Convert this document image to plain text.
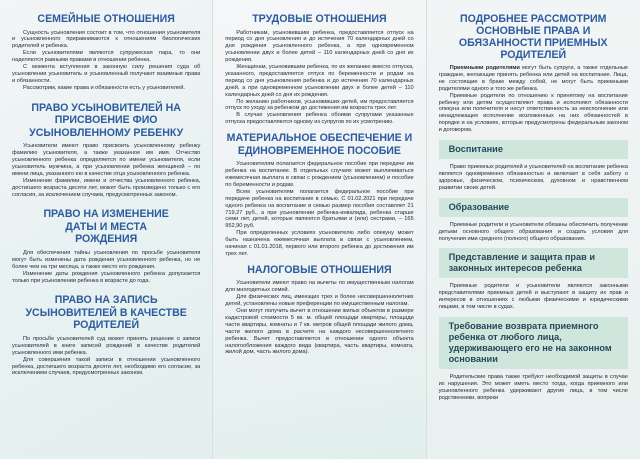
СЕМЕЙНЫЕ ОТНОШЕНИЯ

Сущность усыновления состоит в том, что отношения усыновителя и усыновленного приравниваются к отношениям биологических родителей и ребенка.

Если усыновителями являются супружеская пара, то они наделяются равными правами в отношении ребенка.

С момента вступления в законную силу решения суда об усыновлении усыновитель и усыновленный получают взаимные права и обязанности.

Рассмотрим, какие права и обязанности есть у усыновителей.

ПРАВО УСЫНОВИТЕЛЕЙ НА ПРИСВОЕНИЕ ФИО УСЫНОВЛЕННОМУ РЕБЕНКУ

Усыновители имеют право присвоить усыновленному ребенку фамилию усыновителя, а также указанное им имя. Отчество усыновленного ребенка определяется по имени усыновителя, если усыновитель мужчина, а при усыновлении ребенка женщиной – по имени лица, указанного ею в качестве отца усыновленного ребенка.

Изменение фамилии, имени и отчества усыновленного ребенка, достигшего возраста десяти лет, может быть произведено только с его согласия, за исключением случаев, предусмотренных законом.

ПРАВО НА ИЗМЕНЕНИЕ ДАТЫ И МЕСТА РОЖДЕНИЯ

Для обеспечения тайны усыновления по просьбе усыновителя могут быть изменены дата рождения усыновленного ребенка, но не более чем на три месяца, а также место его рождения.

Изменение даты рождения усыновленного ребенка допускается только при усыновлении ребенка в возрасте до года.

ПРАВО НА ЗАПИСЬ УСЫНОВИТЕЛЕЙ В КАЧЕСТВЕ РОДИТЕЛЕЙ

По просьбе усыновителей суд может принять решение о записи усыновителей в книге записей рождений в качестве родителей усыновленного ими ребенка.

Для совершения такой записи в отношении усыновленного ребенка, достигшего возраста десяти лет, необходимо его согласие, за исключением случаев, предусмотренных законом.

ТРУДОВЫЕ ОТНОШЕНИЯ

Работникам, усыновившим ребенка, предоставляется отпуск на период со дня усыновления и до истечения 70 календарных дней со дня рождения усыновленного ребенка, а при одновременном усыновлении двух и более детей – 110 календарных дней со дня их рождения.

Женщинам, усыновившим ребенка, по их желанию вместо отпуска, указанного, предоставляется отпуск по беременности и родам на период со дня усыновления ребенка и до истечения 70 календарных дней, а при одновременном усыновлении двух и более детей – 110 календарных дней со дня их рождения.

По желанию работников, усыновивших детей, им предоставляется отпуск по уходу за ребенком до достижения им возраста трех лет.

В случае усыновления ребенка обоими супругами указанные отпуска предоставляются одному из супругов по их усмотрению.

МАТЕРИАЛЬНОЕ ОБЕСПЕЧЕНИЕ И ЕДИНОВРЕМЕННОЕ ПОСОБИЕ

Усыновителям полагается федеральное пособие при передаче им ребенка на воспитание. В отдельных случаях может выплачиваться ежемесячная выплата в связи с рождением (усыновлением) и пособие по беременности и родам.

Всем усыновителям полагается федеральное пособие при передаче ребенка на воспитание в семью. С 01.02.2021 при передаче одного ребенка на воспитание в семью размер пособия составляет 21 719,27 руб., а при усыновлении ребенка-инвалида, ребенка старше семи лет, детей, которые являются братьями и (или) сестрами, – 165 952,90 руб.

При определенных условиях усыновителю либо опекуну может быть назначена ежемесячная выплата в связи с усыновлением, начиная с 01.01.2018, первого или второго ребенка до достижения им трех лет.

НАЛОГОВЫЕ ОТНОШЕНИЯ

Усыновители имеют право на вычеты по имущественным налогам для многодетных семей.

Для физических лиц, имеющих трех и более несовершеннолетних детей, установлены новые преференции по имущественным налогам.

Они могут получить вычет в отношении жилых объектов в размере кадастровой стоимости 5 кв. м. общей площади квартиры, площади части квартиры, комнаты и 7 кв. метров общей площади жилого дома, части жилого дома в расчете на каждого несовершеннолетнего ребенка. Вычет предоставляется в отношении одного объекта налогообложения каждого вида (квартира, часть квартиры, комната, жилой дом, часть жилого дома).

ПОДРОБНЕЕ РАССМОТРИМ ОСНОВНЫЕ ПРАВА И ОБЯЗАННОСТИ ПРИЕМНЫХ РОДИТЕЛЕЙ

Приемными родителями могут быть супруги, а также отдельные граждане, желающие принять ребенка или детей на воспитание. Лица, не состоящие в браке между собой, не могут быть приемными родителями одного и того же ребенка.

Приемные родители по отношению к принятому на воспитание ребенку или детям осуществляют права и исполняют обязанности опекуна или попечителя и несут ответственность за неисполнение или ненадлежащее исполнение возложенных на них обязанностей в порядке и на условиях, которые предусмотрены федеральным законом и договором.

Воспитание

Право приемных родителей и усыновителей на воспитание ребенка является одновременно обязанностью и включает в себя заботу о здоровье, физическом, психическом, духовном и нравственном развитии своих детей.

Образование

Приемные родители и усыновители обязаны обеспечить получение детьми основного общего образования и создать условия для получения ими среднего (полного) общего образования.

Представление и защита прав и законных интересов ребенка

Приемные родители и усыновители являются законными представителями приемных детей и выступают в защиту их прав и интересов в отношениях с любыми физическими и юридическими лицами, в том числе в судах.

Требование возврата приемного ребенка от любого лица, удерживающего его не на законном основании

Родительские права также требуют необходимой защиты в случае их нарушения. Это может иметь место тогда, когда приемного или усыновленного ребенка удерживают другие лица, в том числе родственники, вопреки
